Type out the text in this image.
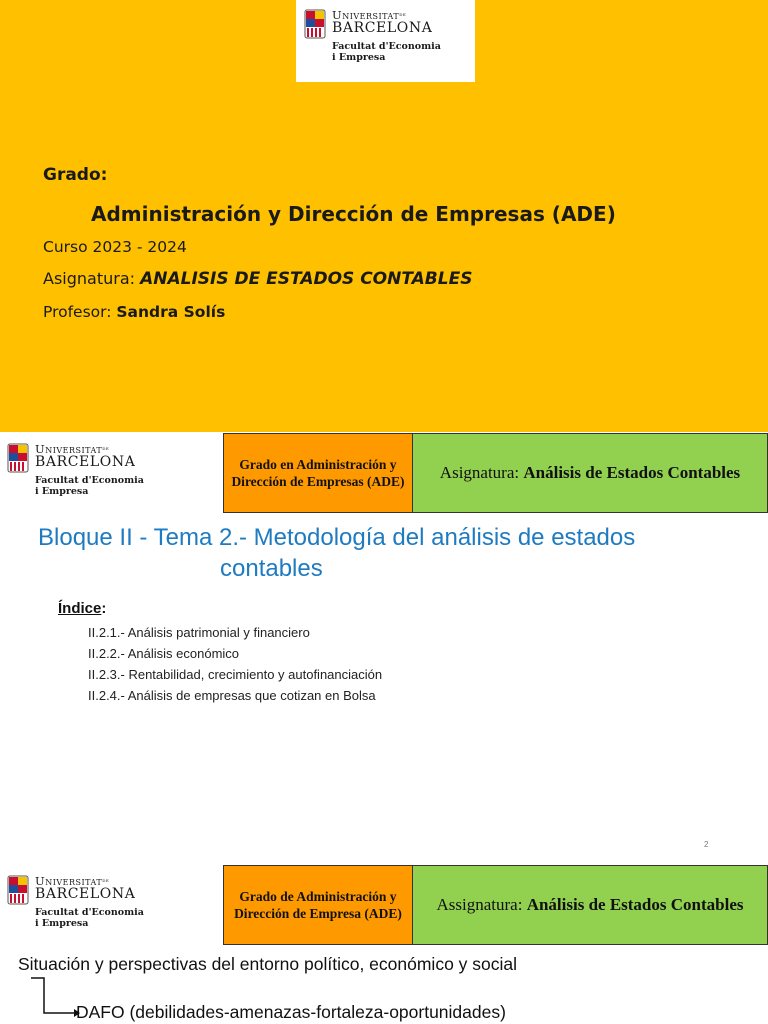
Universitat$^{de}$
BARCELONA
Facultat d'Economia
i Empresa
Grado:
Administración y Dirección de Empresas (ADE)
Curso 2023 - 2024
Asignatura: ANALISIS DE ESTADOS CONTABLES
Profesor: Sandra Solís
Universitat$^{de}$
BARCELONA
Facultat d'Economia
i Empresa
Grado en Administración y Dirección de Empresas (ADE)	Asignatura: Análisis de Estados Contables
Bloque II - Tema 2.- Metodología del análisis de estados
contables
Índice:
II.2.1.- Análisis patrimonial y financiero
II.2.2.- Análisis económico
II.2.3.- Rentabilidad, crecimiento y autofinanciación
II.2.4.- Análisis de empresas que cotizan en Bolsa
2
Universitat$^{de}$
BARCELONA
Facultat d'Economia
i Empresa
Grado de Administración y Dirección de Empresa (ADE)	Assignatura: Análisis de Estados Contables
Situación y perspectivas del entorno político, económico y social
DAFO (debilidades-amenazas-fortaleza-oportunidades)
